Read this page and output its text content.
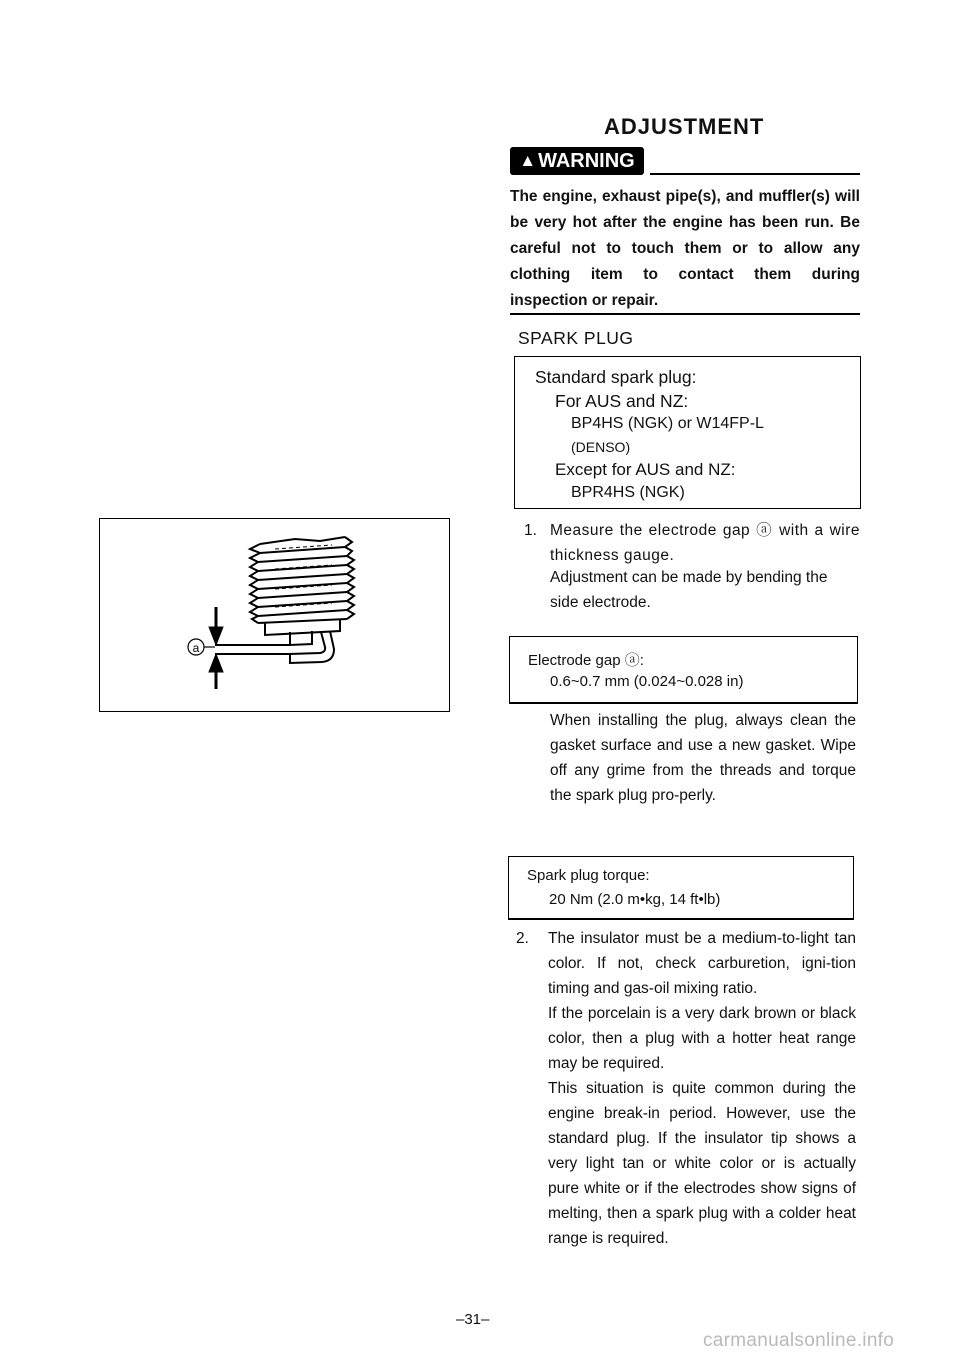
ADJUSTMENT
▲ WARNING
The engine, exhaust pipe(s), and muffler(s) will be very hot after the engine has been run. Be careful not to touch them or to allow any clothing item to contact them during inspection or repair.
SPARK PLUG
Standard spark plug:
For AUS and NZ:
BP4HS (NGK) or W14FP-L
(DENSO)
Except for AUS and NZ:
BPR4HS (NGK)
1. Measure the electrode gap ⓐ with a wire thickness gauge.
Adjustment can be made by bending the side electrode.
a
Electrode gap ⓐ:
0.6~0.7 mm (0.024~0.028 in)
When installing the plug, always clean the gasket surface and use a new gasket. Wipe off any grime from the threads and torque the spark plug pro-perly.
Spark plug torque:
20 Nm (2.0 m•kg, 14 ft•lb)
2. The insulator must be a medium-to-light tan color. If not, check carburetion, igni-tion timing and gas-oil mixing ratio.

If the porcelain is a very dark brown or black color, then a plug with a hotter heat range may be required.

This situation is quite common during the engine break-in period. However, use the standard plug. If the insulator tip shows a very light tan or white color or is actually pure white or if the electrodes show signs of melting, then a spark plug with a colder heat range is required.

–31–
carmanualsonline.info
